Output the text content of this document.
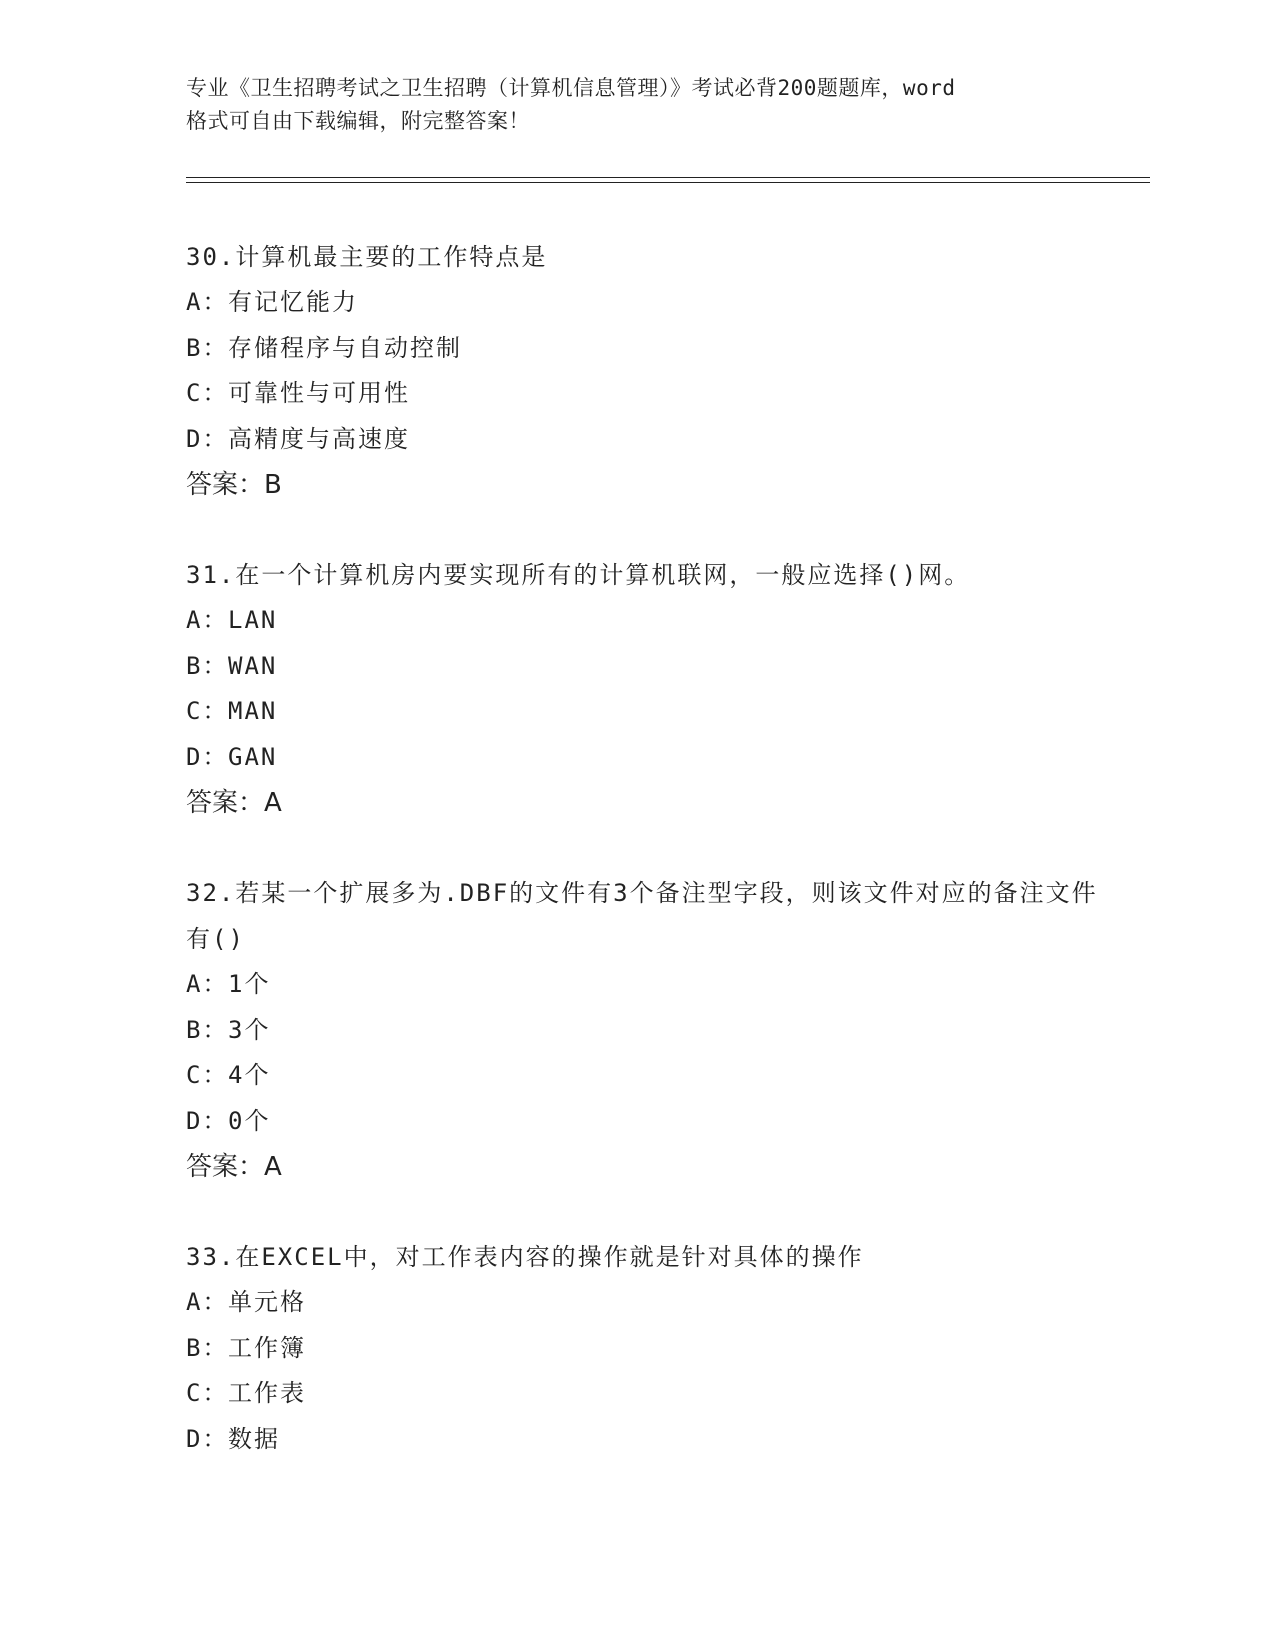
专业《卫生招聘考试之卫生招聘（计算机信息管理）》考试必背200题题库，word
格式可自由下载编辑，附完整答案！

30.计算机最主要的工作特点是

A：有记忆能力

B：存储程序与自动控制

C：可靠性与可用性

D：高精度与高速度

答案：B

31.在一个计算机房内要实现所有的计算机联网，一般应选择()网。

A：LAN

B：WAN

C：MAN

D：GAN

答案：A

32.若某一个扩展多为.DBF的文件有3个备注型字段，则该文件对应的备注文件有()

A：1个

B：3个

C：4个

D：0个

答案：A

33.在EXCEL中，对工作表内容的操作就是针对具体的操作

A：单元格

B：工作簿

C：工作表

D：数据
